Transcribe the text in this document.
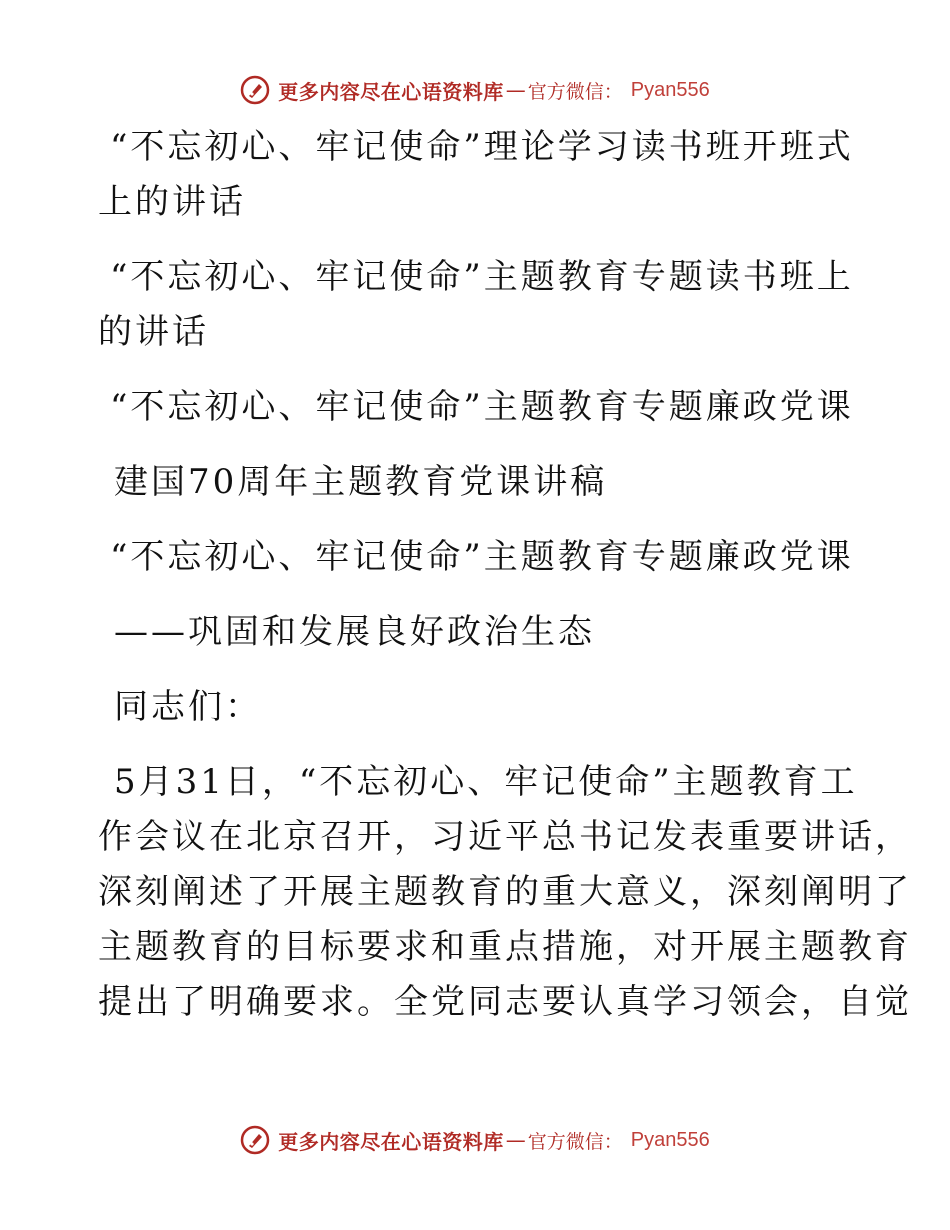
更多内容尽在心语资料库 — 官方微信： Pyan556
“不忘初心、牢记使命”理论学习读书班开班式
上的讲话
“不忘初心、牢记使命”主题教育专题读书班上
的讲话
“不忘初心、牢记使命”主题教育专题廉政党课
建国70周年主题教育党课讲稿
“不忘初心、牢记使命”主题教育专题廉政党课
——巩固和发展良好政治生态
同志们：
5月31日，“不忘初心、牢记使命”主题教育工
作会议在北京召开，习近平总书记发表重要讲话，
深刻阐述了开展主题教育的重大意义，深刻阐明了
主题教育的目标要求和重点措施，对开展主题教育
提出了明确要求。全党同志要认真学习领会，自觉
更多内容尽在心语资料库 — 官方微信： Pyan556
